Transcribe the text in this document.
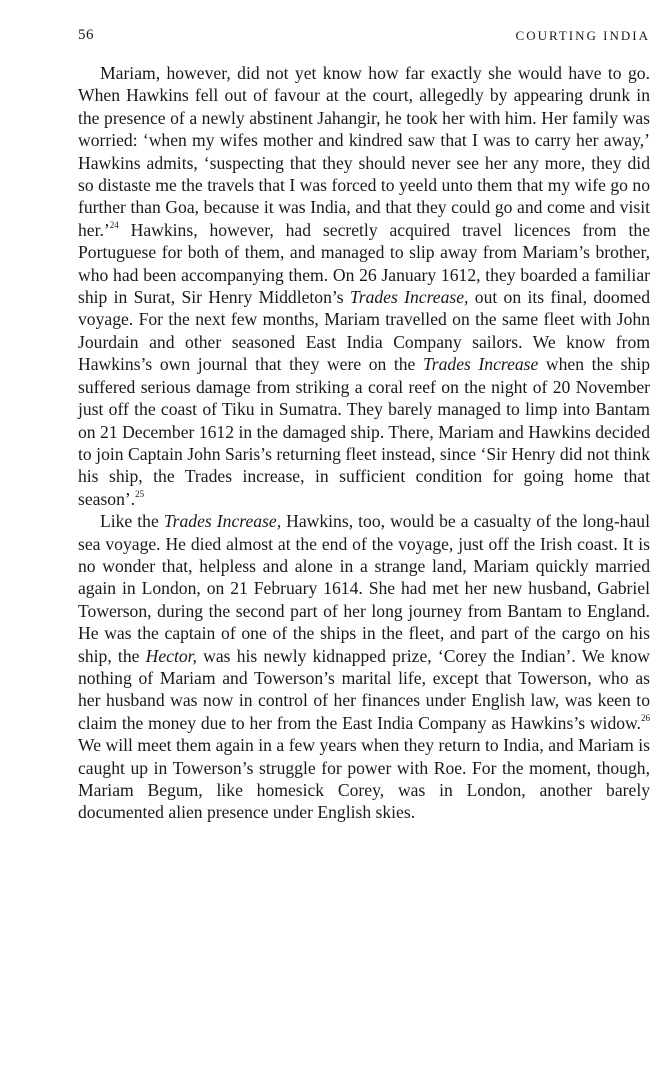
56	COURTING INDIA

Mariam, however, did not yet know how far exactly she would have to go. When Hawkins fell out of favour at the court, allegedly by appearing drunk in the presence of a newly abstinent Jahangir, he took her with him. Her family was worried: ‘when my wifes mother and kindred saw that I was to carry her away,’ Hawkins admits, ‘suspecting that they should never see her any more, they did so distaste me the travels that I was forced to yeeld unto them that my wife go no further than Goa, because it was India, and that they could go and come and visit her.’$^{24}$ Hawkins, however, had secretly acquired travel licences from the Portuguese for both of them, and managed to slip away from Mariam’s brother, who had been accompanying them. On 26 January 1612, they boarded a familiar ship in Surat, Sir Henry Middleton’s Trades Increase, out on its final, doomed voyage. For the next few months, Mariam travelled on the same fleet with John Jourdain and other seasoned East India Company sailors. We know from Hawkins’s own journal that they were on the Trades Increase when the ship suffered serious damage from striking a coral reef on the night of 20 November just off the coast of Tiku in Sumatra. They barely managed to limp into Bantam on 21 December 1612 in the damaged ship. There, Mariam and Hawkins decided to join Captain John Saris’s returning fleet instead, since ‘Sir Henry did not think his ship, the Trades increase, in sufficient condition for going home that season’.$^{25}$

Like the Trades Increase, Hawkins, too, would be a casualty of the long-haul sea voyage. He died almost at the end of the voyage, just off the Irish coast. It is no wonder that, helpless and alone in a strange land, Mariam quickly married again in London, on 21 February 1614. She had met her new husband, Gabriel Towerson, during the second part of her long journey from Bantam to England. He was the captain of one of the ships in the fleet, and part of the cargo on his ship, the Hector, was his newly kidnapped prize, ‘Corey the Indian’. We know nothing of Mariam and Towerson’s marital life, except that Towerson, who as her husband was now in control of her finances under English law, was keen to claim the money due to her from the East India Company as Hawkins’s widow.$^{26}$ We will meet them again in a few years when they return to India, and Mariam is caught up in Towerson’s struggle for power with Roe. For the moment, though, Mariam Begum, like homesick Corey, was in London, another barely documented alien presence under English skies.
